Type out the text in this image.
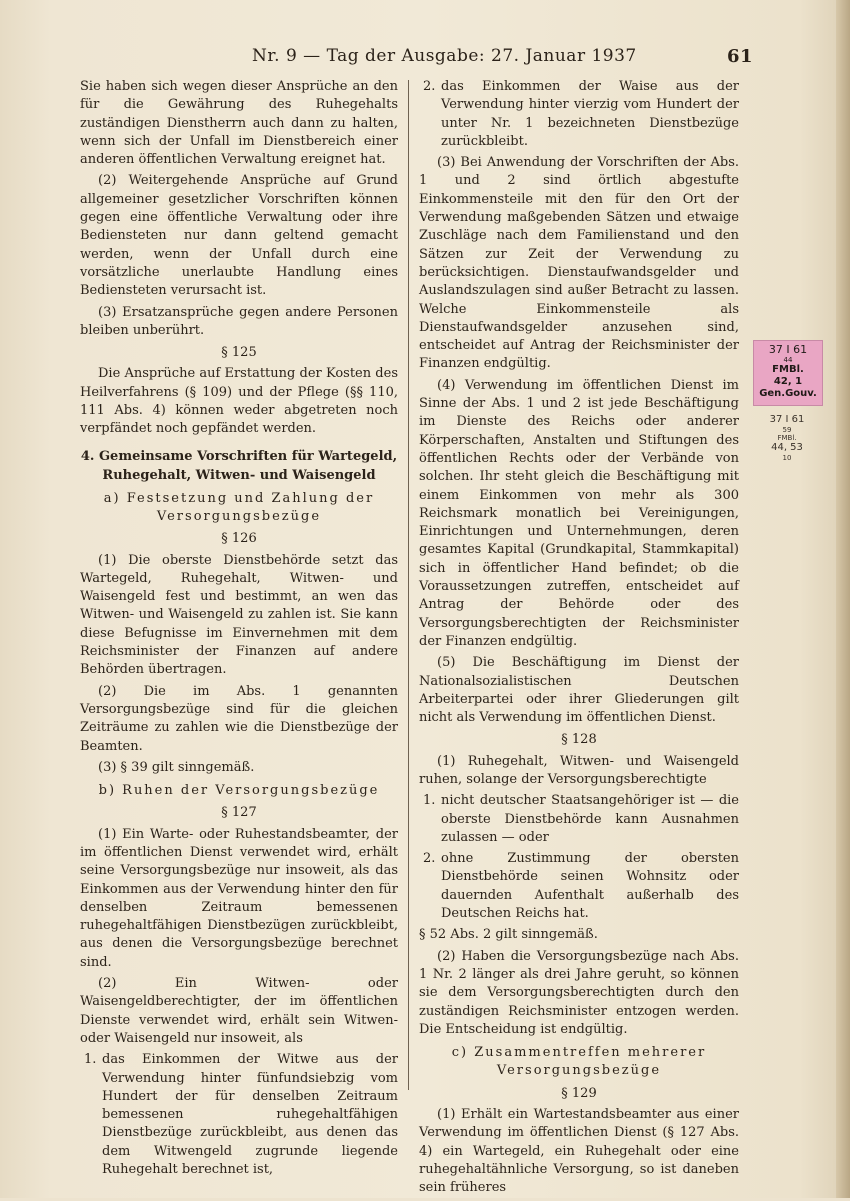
Nr. 9 — Tag der Ausgabe: 27. Januar 1937	61

Sie haben sich wegen dieser Ansprüche an den für die Gewährung des Ruhegehalts zuständigen Dienstherrn auch dann zu halten, wenn sich der Unfall im Dienstbereich einer anderen öffentlichen Verwaltung ereignet hat.

(2) Weitergehende Ansprüche auf Grund allgemeiner gesetzlicher Vorschriften können gegen eine öffentliche Verwaltung oder ihre Bediensteten nur dann geltend gemacht werden, wenn der Unfall durch eine vorsätzliche unerlaubte Handlung eines Bediensteten verursacht ist.

(3) Ersatzansprüche gegen andere Personen bleiben unberührt.

§ 125

Die Ansprüche auf Erstattung der Kosten des Heilverfahrens (§ 109) und der Pflege (§§ 110, 111 Abs. 4) können weder abgetreten noch verpfändet noch gepfändet werden.

4. Gemeinsame Vorschriften für Wartegeld, Ruhegehalt, Witwen- und Waisengeld
a) Festsetzung und Zahlung der Versorgungsbezüge
§ 126

(1) Die oberste Dienstbehörde setzt das Wartegeld, Ruhegehalt, Witwen- und Waisengeld fest und bestimmt, an wen das Witwen- und Waisengeld zu zahlen ist. Sie kann diese Befugnisse im Einvernehmen mit dem Reichsminister der Finanzen auf andere Behörden übertragen.

(2) Die im Abs. 1 genannten Versorgungsbezüge sind für die gleichen Zeiträume zu zahlen wie die Dienstbezüge der Beamten.

(3) § 39 gilt sinngemäß.

b) Ruhen der Versorgungsbezüge
§ 127

(1) Ein Warte- oder Ruhestandsbeamter, der im öffentlichen Dienst verwendet wird, erhält seine Versorgungsbezüge nur insoweit, als das Einkommen aus der Verwendung hinter den für denselben Zeitraum bemessenen ruhegehaltfähigen Dienstbezügen zurückbleibt, aus denen die Versorgungsbezüge berechnet sind.

(2) Ein Witwen- oder Waisengeldberechtigter, der im öffentlichen Dienste verwendet wird, erhält sein Witwen- oder Waisengeld nur insoweit, als

1. das Einkommen der Witwe aus der Verwendung hinter fünfundsiebzig vom Hundert der für denselben Zeitraum bemessenen ruhegehaltfähigen Dienstbezüge zurückbleibt, aus denen das dem Witwengeld zugrunde liegende Ruhegehalt berechnet ist,
2. das Einkommen der Waise aus der Verwendung hinter vierzig vom Hundert der unter Nr. 1 bezeichneten Dienstbezüge zurückbleibt.

(3) Bei Anwendung der Vorschriften der Abs. 1 und 2 sind örtlich abgestufte Einkommensteile mit den für den Ort der Verwendung maßgebenden Sätzen und etwaige Zuschläge nach dem Familienstand und den Sätzen zur Zeit der Verwendung zu berücksichtigen. Dienstaufwandsgelder und Auslandszulagen sind außer Betracht zu lassen. Welche Einkommensteile als Dienstaufwandsgelder anzusehen sind, entscheidet auf Antrag der Reichsminister der Finanzen endgültig.

(4) Verwendung im öffentlichen Dienst im Sinne der Abs. 1 und 2 ist jede Beschäftigung im Dienste des Reichs oder anderer Körperschaften, Anstalten und Stiftungen des öffentlichen Rechts oder der Verbände von solchen. Ihr steht gleich die Beschäftigung mit einem Einkommen von mehr als 300 Reichsmark monatlich bei Vereinigungen, Einrichtungen und Unternehmungen, deren gesamtes Kapital (Grundkapital, Stammkapital) sich in öffentlicher Hand befindet; ob die Voraussetzungen zutreffen, entscheidet auf Antrag der Behörde oder des Versorgungsberechtigten der Reichsminister der Finanzen endgültig.

(5) Die Beschäftigung im Dienst der Nationalsozialistischen Deutschen Arbeiterpartei oder ihrer Gliederungen gilt nicht als Verwendung im öffentlichen Dienst.

§ 128

(1) Ruhegehalt, Witwen- und Waisengeld ruhen, solange der Versorgungsberechtigte

1. nicht deutscher Staatsangehöriger ist — die oberste Dienstbehörde kann Ausnahmen zulassen — oder
2. ohne Zustimmung der obersten Dienstbehörde seinen Wohnsitz oder dauernden Aufenthalt außerhalb des Deutschen Reichs hat.

§ 52 Abs. 2 gilt sinngemäß.

(2) Haben die Versorgungsbezüge nach Abs. 1 Nr. 2 länger als drei Jahre geruht, so können sie dem Versorgungsberechtigten durch den zuständigen Reichsminister entzogen werden. Die Entscheidung ist endgültig.

c) Zusammentreffen mehrerer Versorgungsbezüge
§ 129

(1) Erhält ein Wartestandsbeamter aus einer Verwendung im öffentlichen Dienst (§ 127 Abs. 4) ein Wartegeld, ein Ruhegehalt oder eine ruhegehaltähnliche Versorgung, so ist daneben sein früheres

37 I 61
44
FMBl.
42, 1
Gen.Gouv.
37 I 61
59
FMBl.
44, 53
10
